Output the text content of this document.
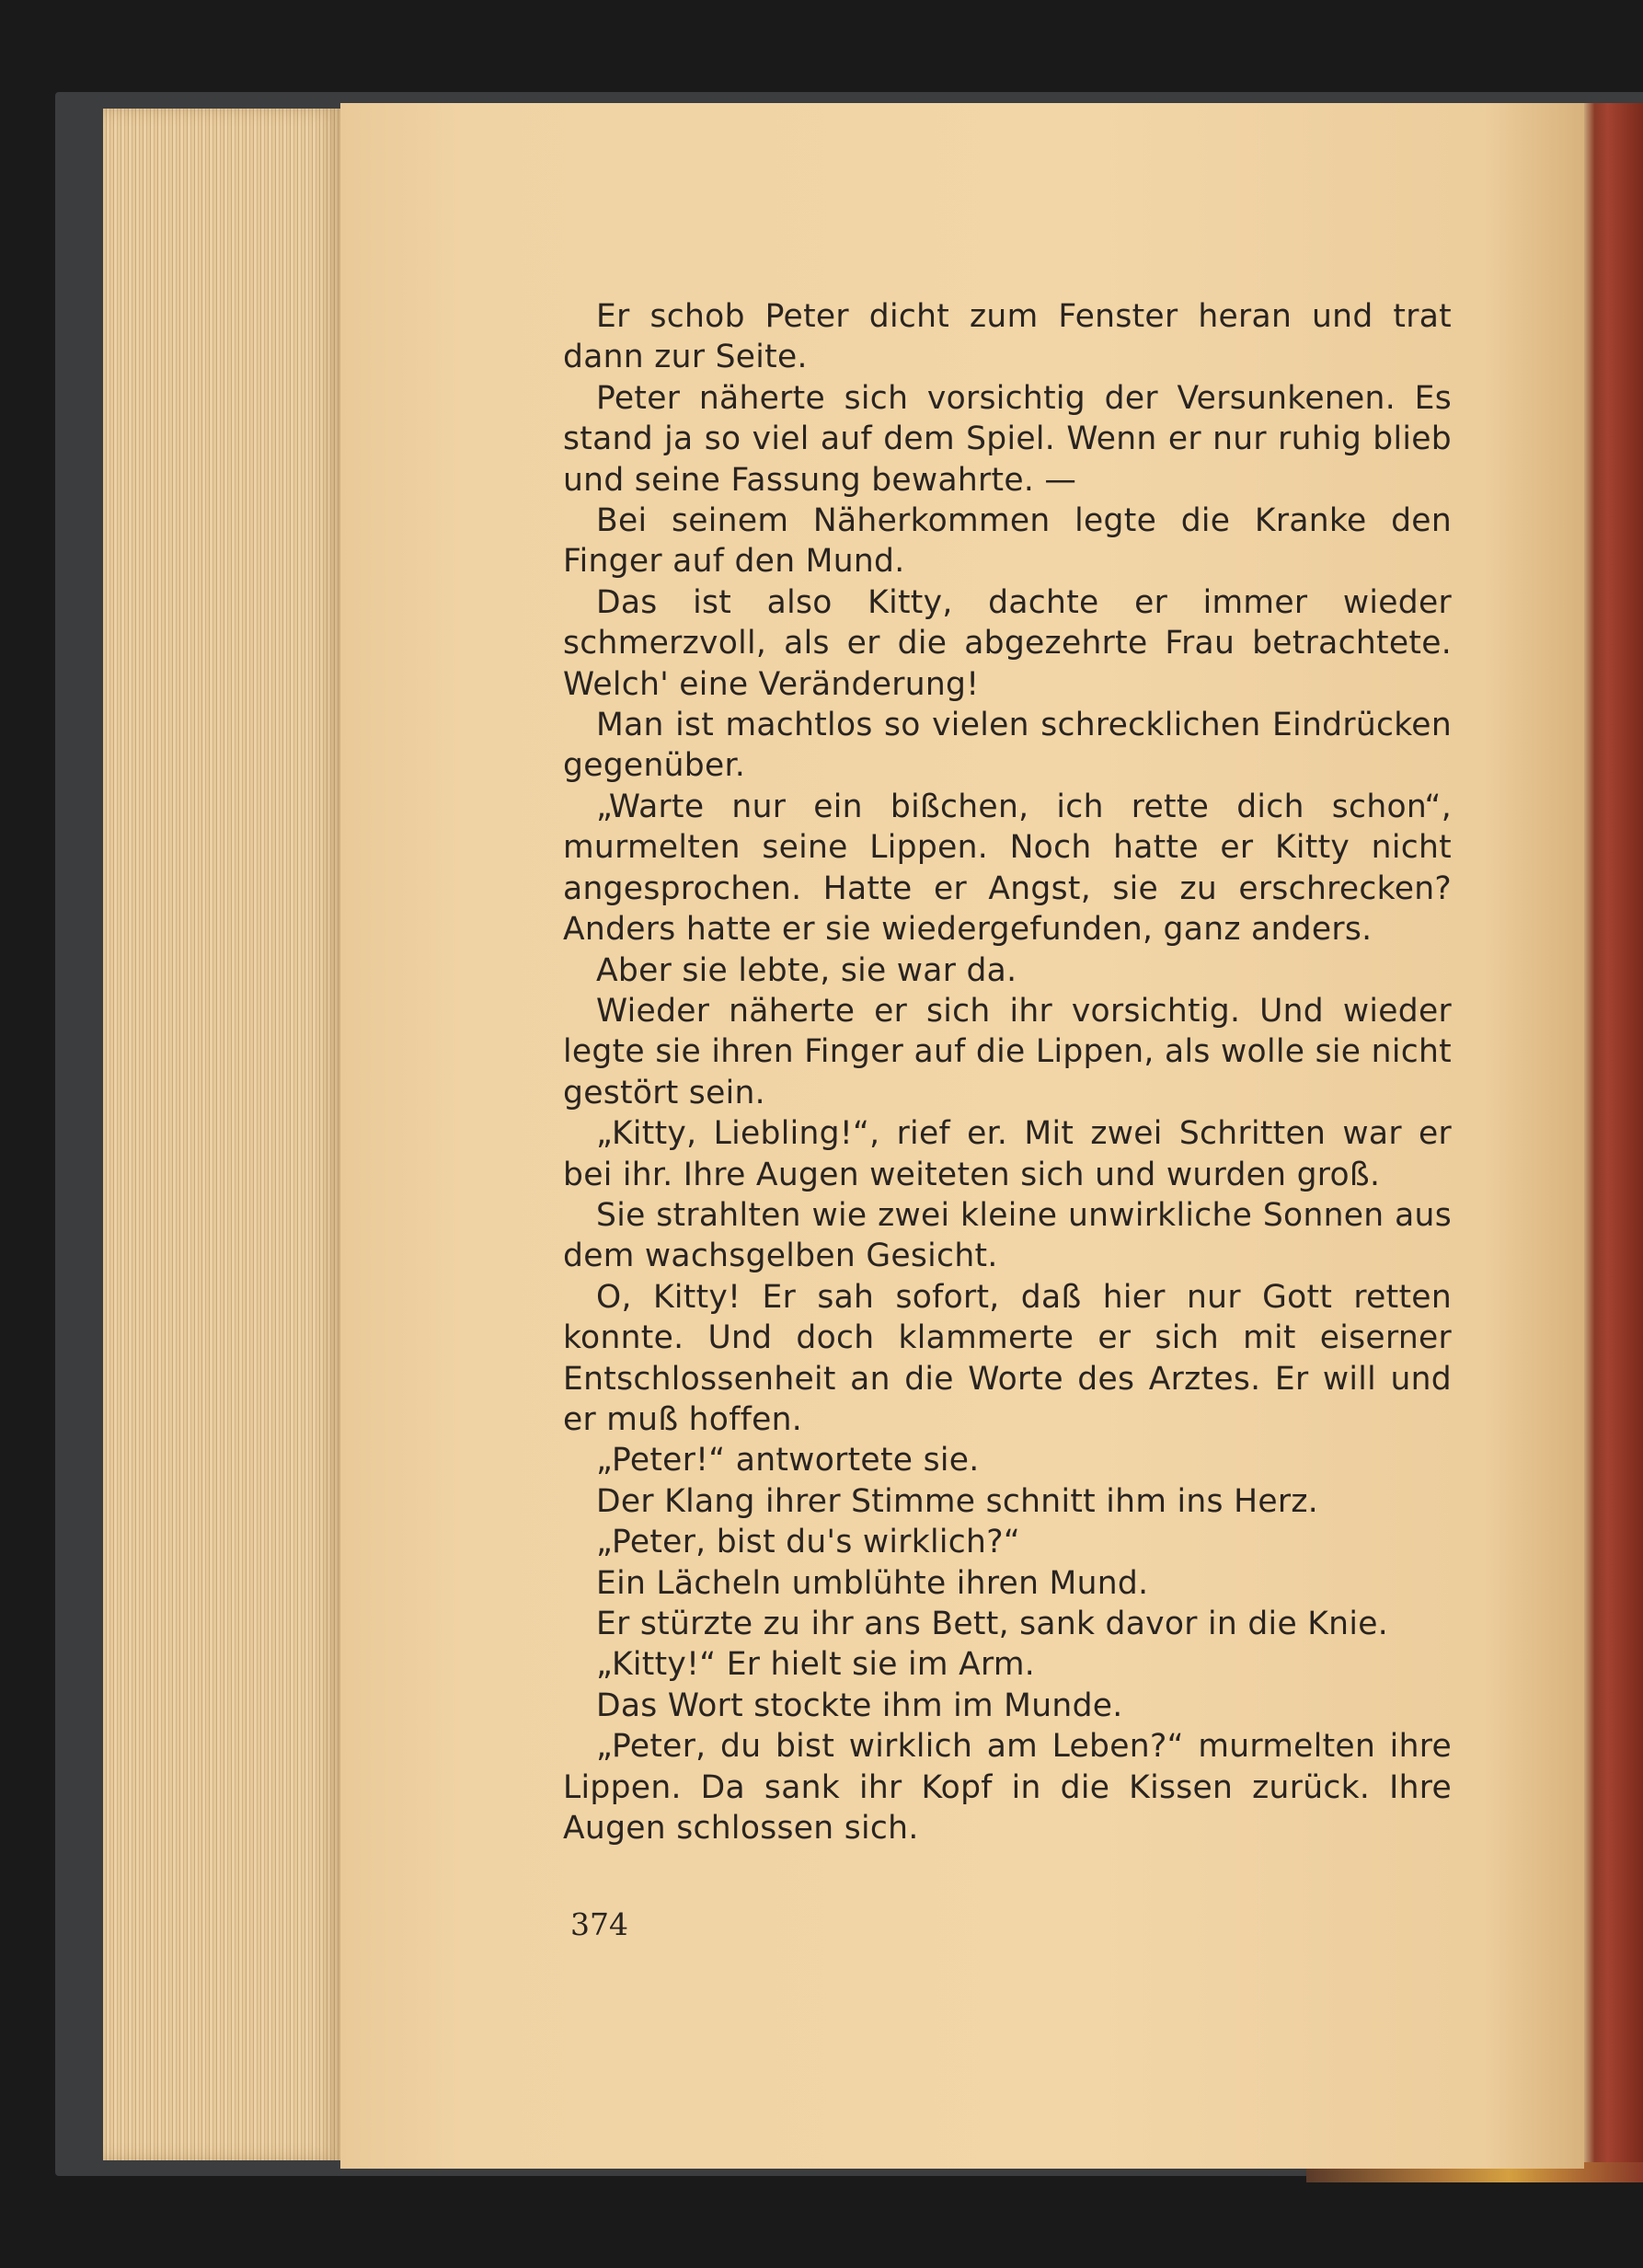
Er schob Peter dicht zum Fenster heran und trat dann zur Seite.

Peter näherte sich vorsichtig der Versunkenen. Es stand ja so viel auf dem Spiel. Wenn er nur ruhig blieb und seine Fassung bewahrte. —

Bei seinem Näherkommen legte die Kranke den Finger auf den Mund.

Das ist also Kitty, dachte er immer wieder schmerzvoll, als er die abgezehrte Frau betrachtete. Welch' eine Veränderung!

Man ist machtlos so vielen schrecklichen Eindrücken gegenüber.

„Warte nur ein bißchen, ich rette dich schon“, murmelten seine Lippen. Noch hatte er Kitty nicht angesprochen. Hatte er Angst, sie zu erschrecken? Anders hatte er sie wiedergefunden, ganz anders.

Aber sie lebte, sie war da.

Wieder näherte er sich ihr vorsichtig. Und wieder legte sie ihren Finger auf die Lippen, als wolle sie nicht gestört sein.

„Kitty, Liebling!“, rief er. Mit zwei Schritten war er bei ihr. Ihre Augen weiteten sich und wurden groß.

Sie strahlten wie zwei kleine unwirkliche Sonnen aus dem wachsgelben Gesicht.

O, Kitty! Er sah sofort, daß hier nur Gott retten konnte. Und doch klammerte er sich mit eiserner Entschlossenheit an die Worte des Arztes. Er will und er muß hoffen.

„Peter!“ antwortete sie.

Der Klang ihrer Stimme schnitt ihm ins Herz.

„Peter, bist du's wirklich?“

Ein Lächeln umblühte ihren Mund.

Er stürzte zu ihr ans Bett, sank davor in die Knie.

„Kitty!“ Er hielt sie im Arm.

Das Wort stockte ihm im Munde.

„Peter, du bist wirklich am Leben?“ murmelten ihre Lippen. Da sank ihr Kopf in die Kissen zurück. Ihre Augen schlossen sich.

374
